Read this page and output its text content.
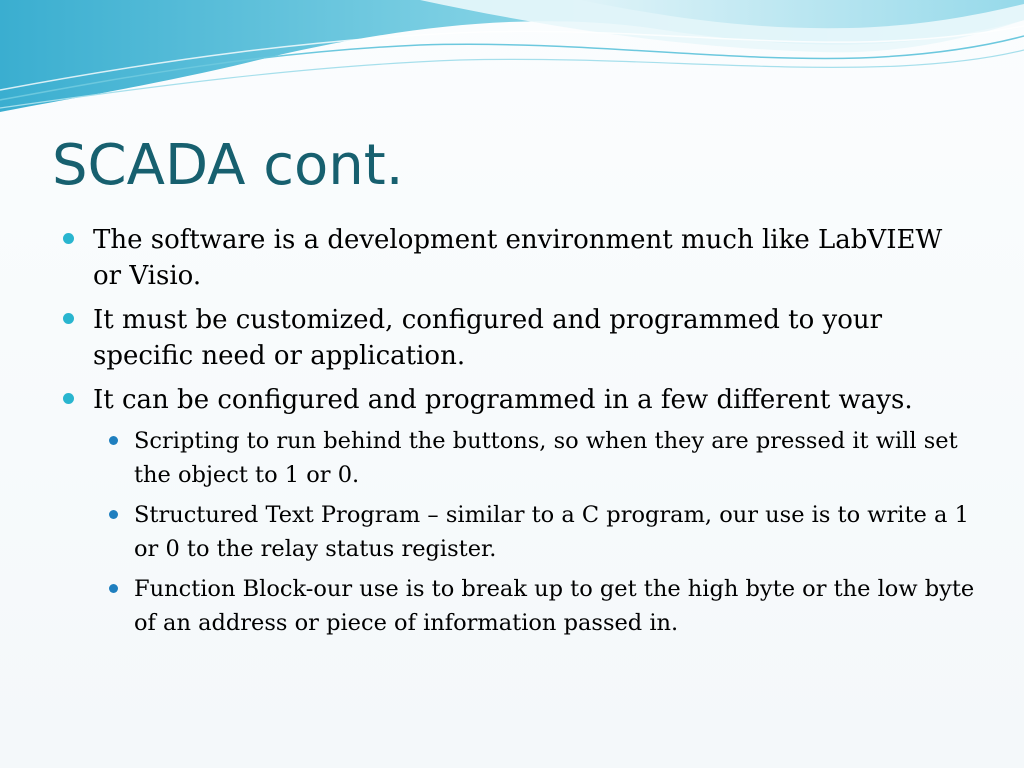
SCADA cont.
The software is a development environment much like LabVIEW or Visio.
It must be customized, configured and programmed to your specific need or application.
It can be configured and programmed in a few different ways.
Scripting to run behind the buttons, so when they are pressed it will set the object to 1 or 0.
Structured Text Program – similar to a C program, our use is to write a 1 or 0 to the relay status register.
Function Block-our use is to break up to get the high byte or the low byte of an address or piece of information passed in.
